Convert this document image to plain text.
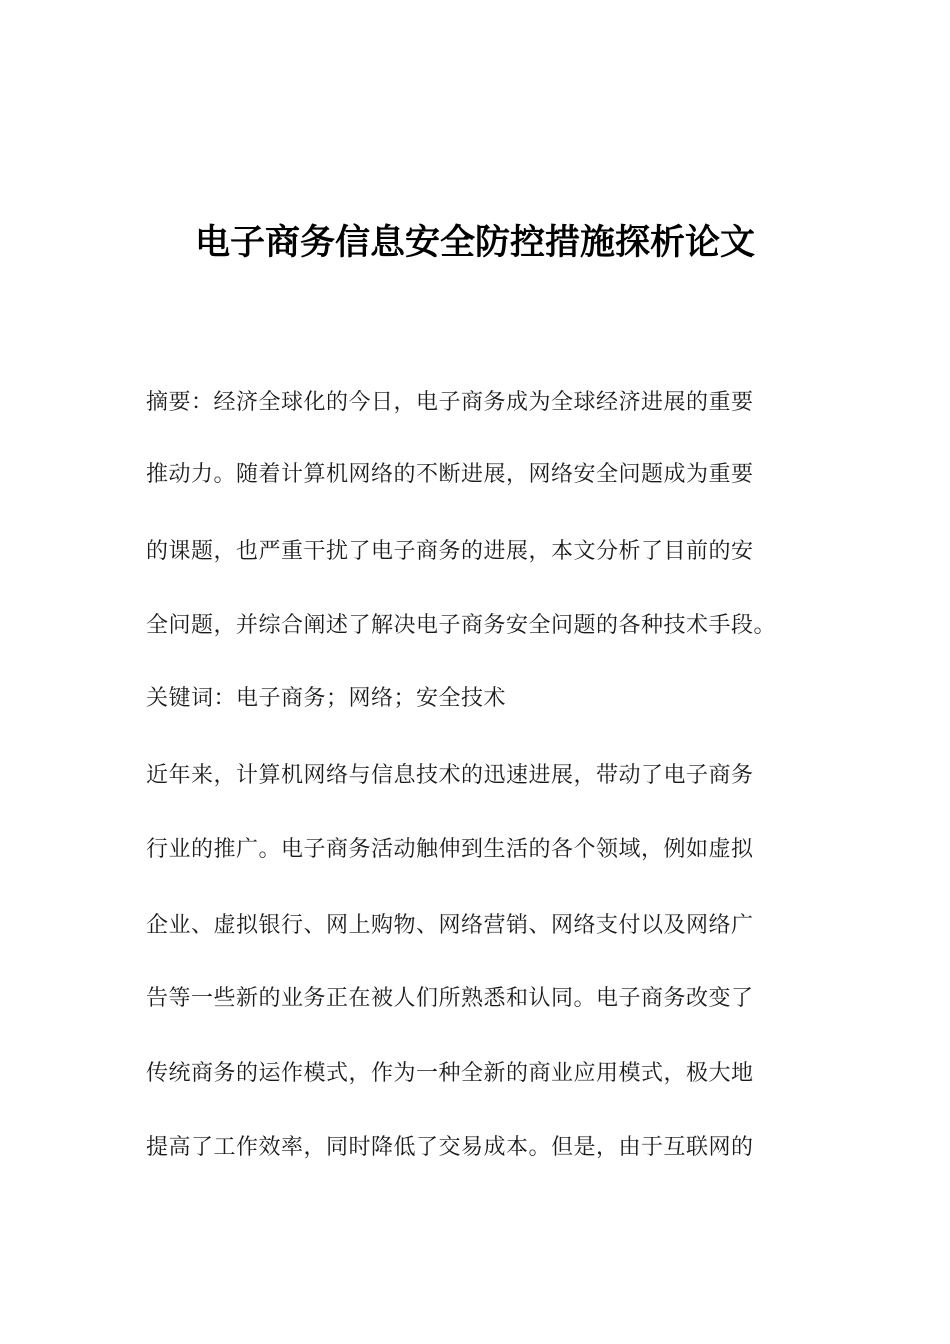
电子商务信息安全防控措施探析论文

摘要：经济全球化的今日，电子商务成为全球经济进展的重要

推动力。随着计算机网络的不断进展，网络安全问题成为重要

的课题，也严重干扰了电子商务的进展，本文分析了目前的安

全问题，并综合阐述了解决电子商务安全问题的各种技术手段。

关键词：电子商务；网络；安全技术

近年来，计算机网络与信息技术的迅速进展，带动了电子商务

行业的推广。电子商务活动触伸到生活的各个领域，例如虚拟

企业、虚拟银行、网上购物、网络营销、网络支付以及网络广

告等一些新的业务正在被人们所熟悉和认同。电子商务改变了

传统商务的运作模式，作为一种全新的商业应用模式，极大地

提高了工作效率，同时降低了交易成本。但是，由于互联网的
